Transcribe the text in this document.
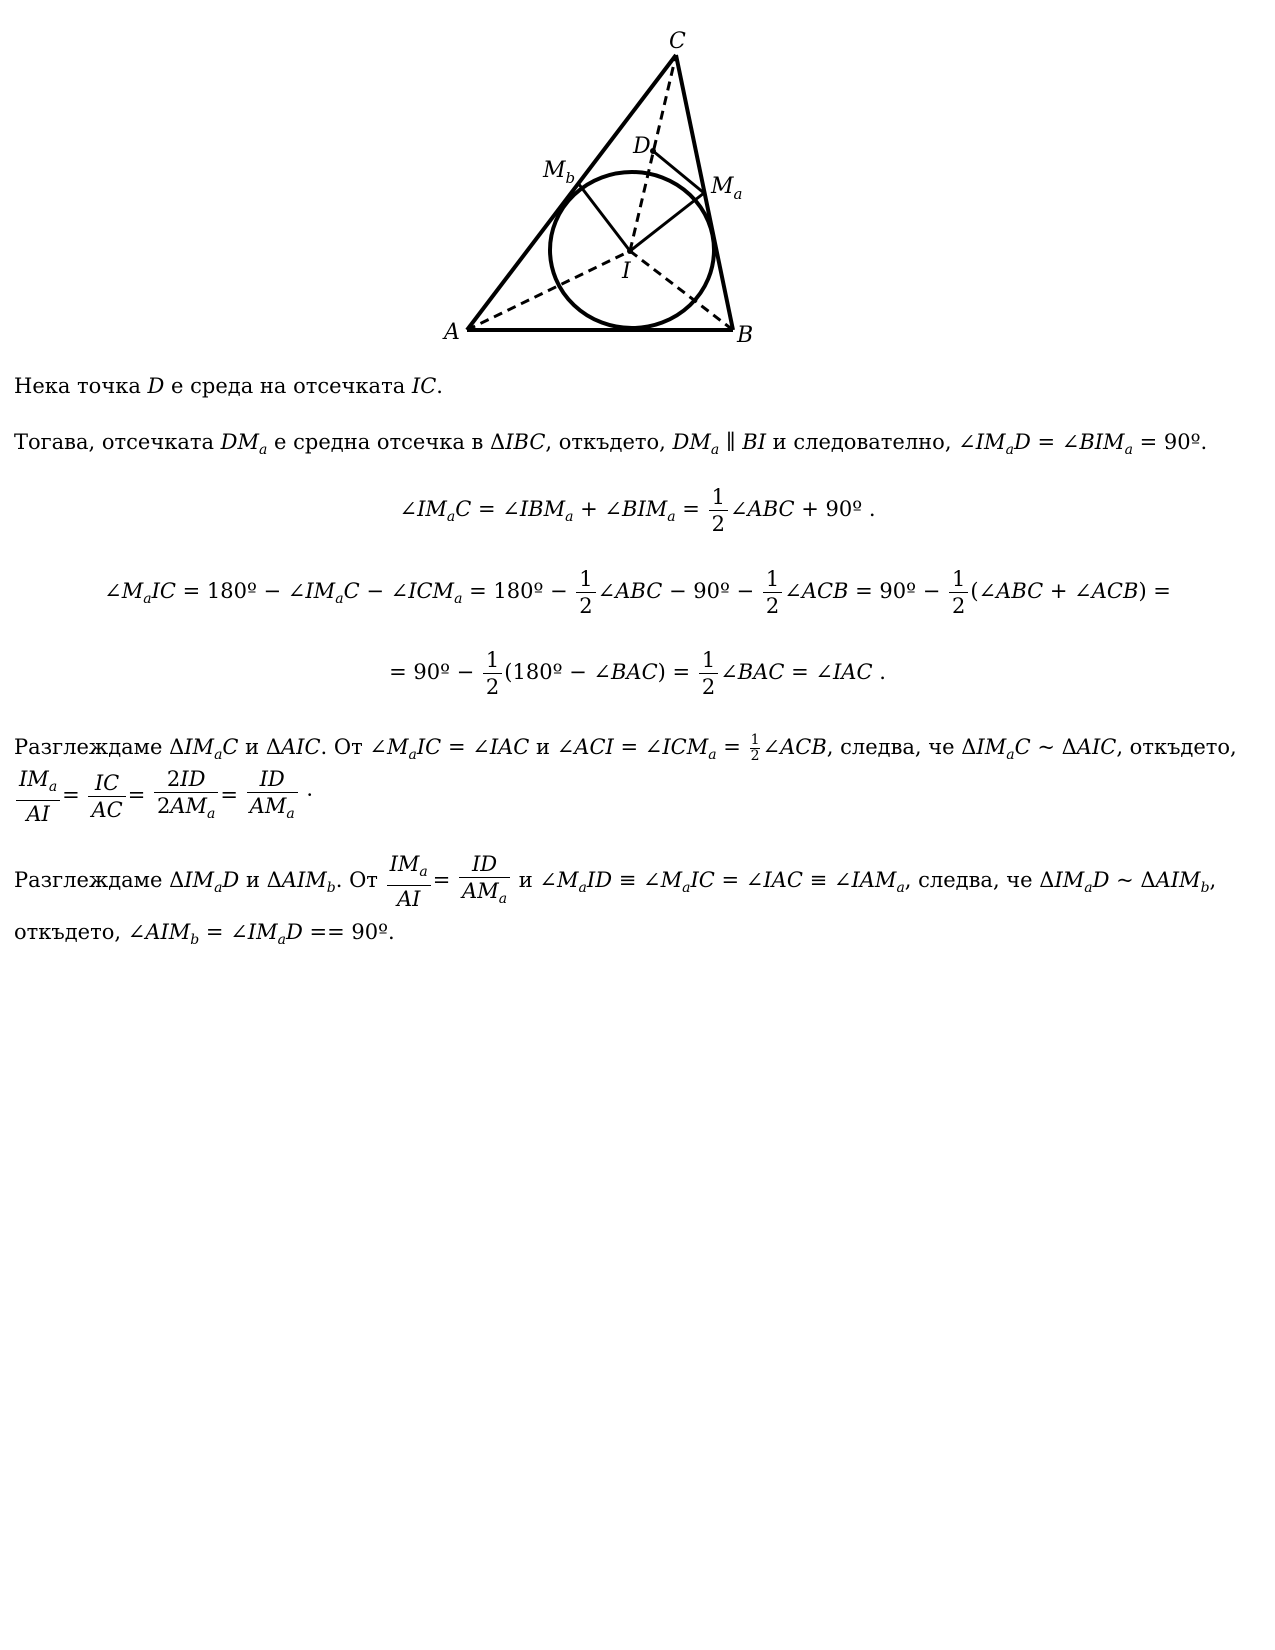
C
D
$M_b$	$M_a$
I
A	B
Нека точка D е среда на отсечката IC.
Тогава, отсечката $DM_a$ е средна отсечка в ΔIBC, откъдето, $DM_a$ ∥ BI и следователно, $\angle IM_aD$ = $\angle BIM_a$ = 90º.
$\angle IM_aC$ = $\angle IBM_a$ + $\angle BIM_a = \frac{1}{2}$ ∠ABC + 90º .
$\angle M_aIC$ = 180º − $\angle IM_aC$ − $\angle ICM_a$ = 180º − $\frac{1}{2}$ ∠ABC − 90º − $\frac{1}{2}$ ∠ACB = 90º − $\frac{1}{2}$ (∠ABC + ∠ACB) =
= 90º − $\frac{1}{2}$ (180º − ∠BAC) = $\frac{1}{2}$ ∠BAC = ∠IAC .
Разглеждаме $\Delta IM_aC$ и ΔAIC. От $\angle M_aIC$ = ∠IAC и ∠ACI = $\angle ICM_a = \frac{1}{2}$ ∠ACB, следва, че $\Delta IM_aC$ ~ ΔAIC, откъдето,
$\frac{IM_a}{AI} = \frac{IC}{AC} = \frac{2ID}{2AM_a} = \frac{ID}{AM_a}$ ·
Разглеждаме $\Delta IM_aD$ и $\Delta AIM_b$. От $\frac{IM_a}{AI} = \frac{ID}{AM_a}$ и $\angle M_aID$ ≡ $\angle M_aIC$ = ∠IAC ≡ $\angle IAM_a$, следва, че $\Delta IM_aD$ ~ $\Delta AIM_b$,
откъдето, $\angle AIM_b$ = $\angle IM_aD$ == 90º.
